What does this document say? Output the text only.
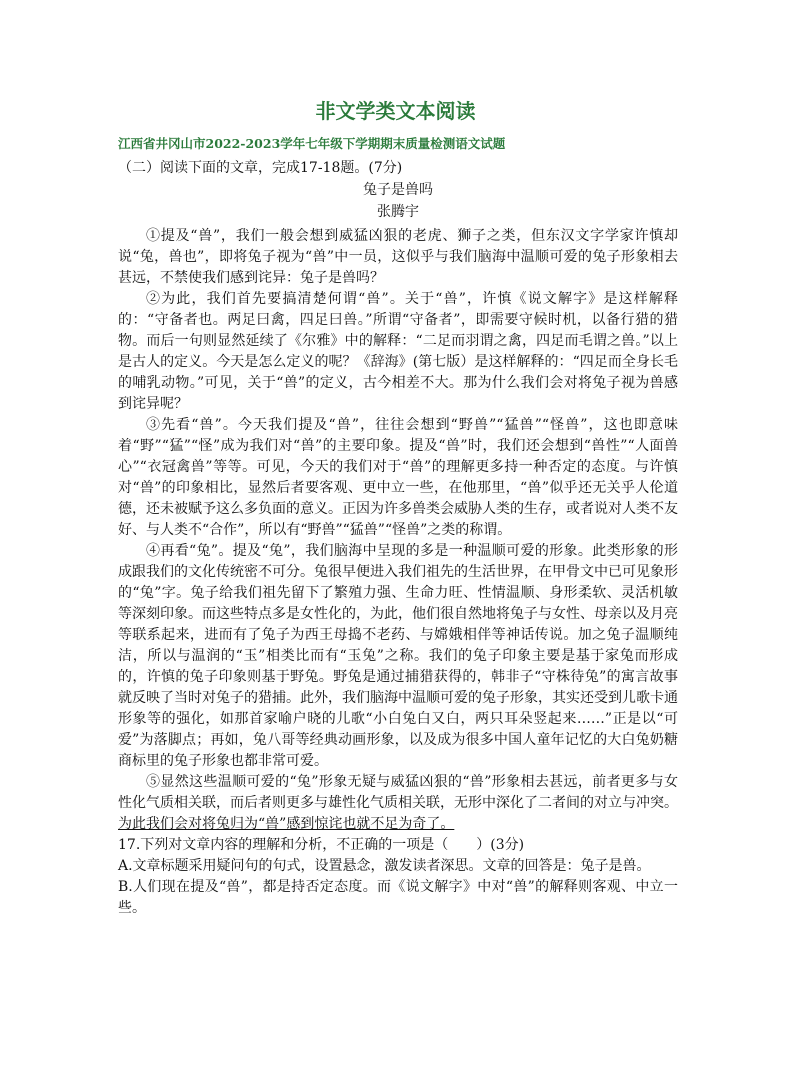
非文学类文本阅读
江西省井冈山市2022-2023学年七年级下学期期末质量检测语文试题
（二）阅读下面的文章，完成17-18题。(7分)
兔子是兽吗
张腾宇

①提及“兽”，我们一般会想到威猛凶狠的老虎、狮子之类，但东汉文字学家许慎却说“兔，兽也”，即将兔子视为“兽”中一员，这似乎与我们脑海中温顺可爱的兔子形象相去甚远，不禁使我们感到诧异：兔子是兽吗？

②为此，我们首先要搞清楚何谓“兽”。关于“兽”，许慎《说文解字》是这样解释的：“守备者也。两足曰禽，四足曰兽。”所谓“守备者”，即需要守候时机，以备行猎的猎物。而后一句则显然延续了《尔雅》中的解释：“二足而羽谓之禽，四足而毛谓之兽。”以上是古人的定义。今天是怎么定义的呢？《辞海》(第七版）是这样解释的：“四足而全身长毛的哺乳动物。”可见，关于“兽”的定义，古今相差不大。那为什么我们会对将兔子视为兽感到诧异呢？

③先看“兽”。今天我们提及“兽”，往往会想到“野兽”“猛兽”“怪兽”，这也即意味着“野”“猛”“怪”成为我们对“兽”的主要印象。提及“兽”时，我们还会想到“兽性”“人面兽心”“衣冠禽兽”等等。可见，今天的我们对于“兽”的理解更多持一种否定的态度。与许慎对“兽”的印象相比，显然后者要客观、更中立一些，在他那里，“兽”似乎还无关乎人伦道德，还未被赋予这么多负面的意义。正因为许多兽类会威胁人类的生存，或者说对人类不友好、与人类不“合作”，所以有“野兽”“猛兽”“怪兽”之类的称谓。

④再看“兔”。提及“兔”，我们脑海中呈现的多是一种温顺可爱的形象。此类形象的形成跟我们的文化传统密不可分。兔很早便进入我们祖先的生活世界，在甲骨文中已可见象形的“兔”字。兔子给我们祖先留下了繁殖力强、生命力旺、性情温顺、身形柔软、灵活机敏等深刻印象。而这些特点多是女性化的，为此，他们很自然地将兔子与女性、母亲以及月亮等联系起来，进而有了兔子为西王母捣不老药、与嫦娥相伴等神话传说。加之兔子温顺纯洁，所以与温润的“玉”相类比而有“玉兔”之称。我们的兔子印象主要是基于家兔而形成的，许慎的兔子印象则基于野兔。野兔是通过捕猎获得的，韩非子“守株待兔”的寓言故事就反映了当时对兔子的猎捕。此外，我们脑海中温顺可爱的兔子形象，其实还受到儿歌卡通形象等的强化，如那首家喻户晓的儿歌“小白兔白又白，两只耳朵竖起来……”正是以“可爱”为落脚点；再如，兔八哥等经典动画形象，以及成为很多中国人童年记忆的大白兔奶糖商标里的兔子形象也都非常可爱。

⑤显然这些温顺可爱的“兔”形象无疑与威猛凶狠的“兽”形象相去甚远，前者更多与女性化气质相关联，而后者则更多与雄性化气质相关联，无形中深化了二者间的对立与冲突。为此我们会对将兔归为“兽”感到惊诧也就不足为奇了。

17.下列对文章内容的理解和分析，不正确的一项是（　　）(3分)

A.文章标题采用疑问句的句式，设置悬念，激发读者深思。文章的回答是：兔子是兽。

B.人们现在提及“兽”，都是持否定态度。而《说文解字》中对“兽”的解释则客观、中立一些。
